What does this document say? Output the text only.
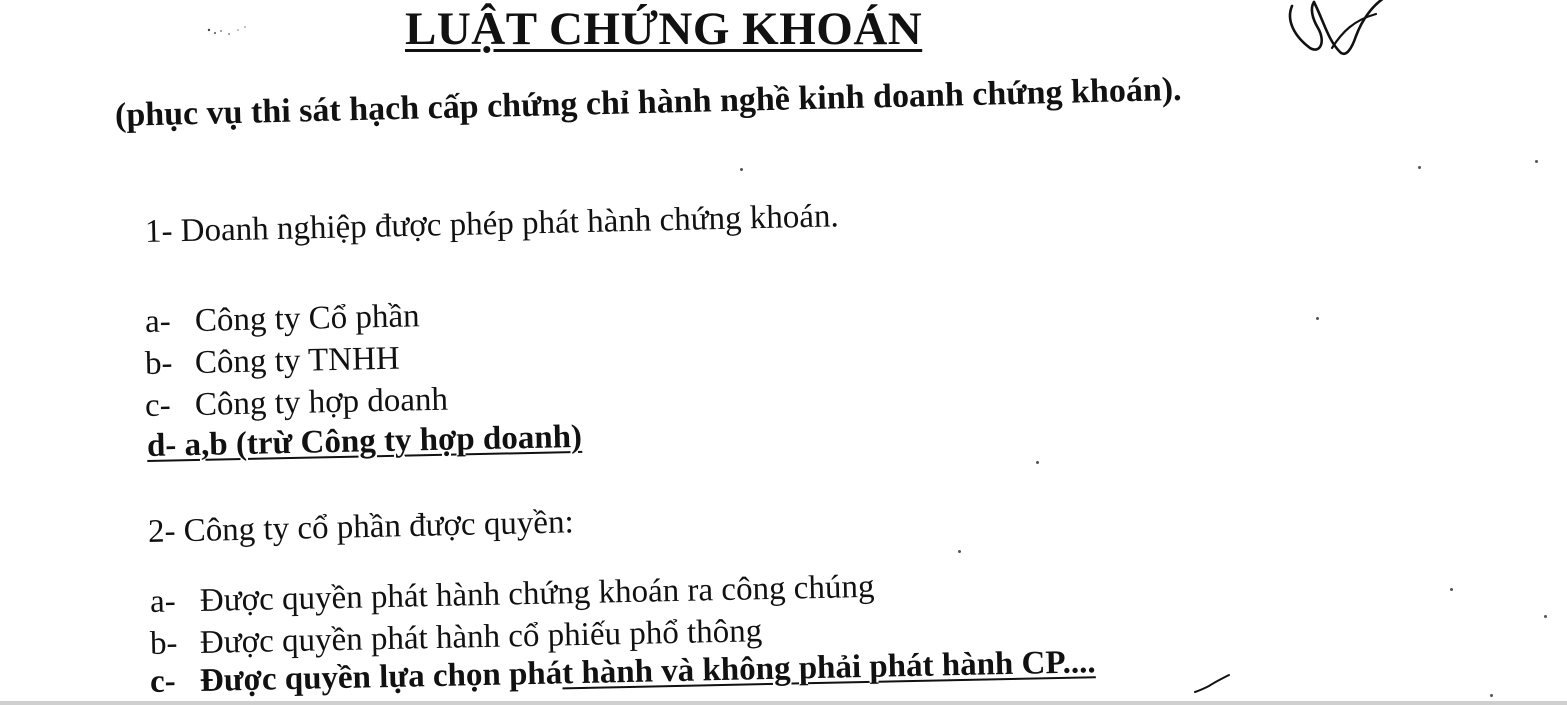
LUẬT CHỨNG KHOÁN

(phục vụ thi sát hạch cấp chứng chỉ hành nghề kinh doanh chứng khoán).

1- Doanh nghiệp được phép phát hành chứng khoán.

a- Công ty Cổ phần

b- Công ty TNHH

c- Công ty hợp doanh

d- a,b (trừ Công ty hợp doanh)

2- Công ty cổ phần được quyền:

a- Được quyền phát hành chứng khoán ra công chúng

b- Được quyền phát hành cổ phiếu phổ thông

c- Được quyền lựa chọn phát hành và không phải phát hành CP....
